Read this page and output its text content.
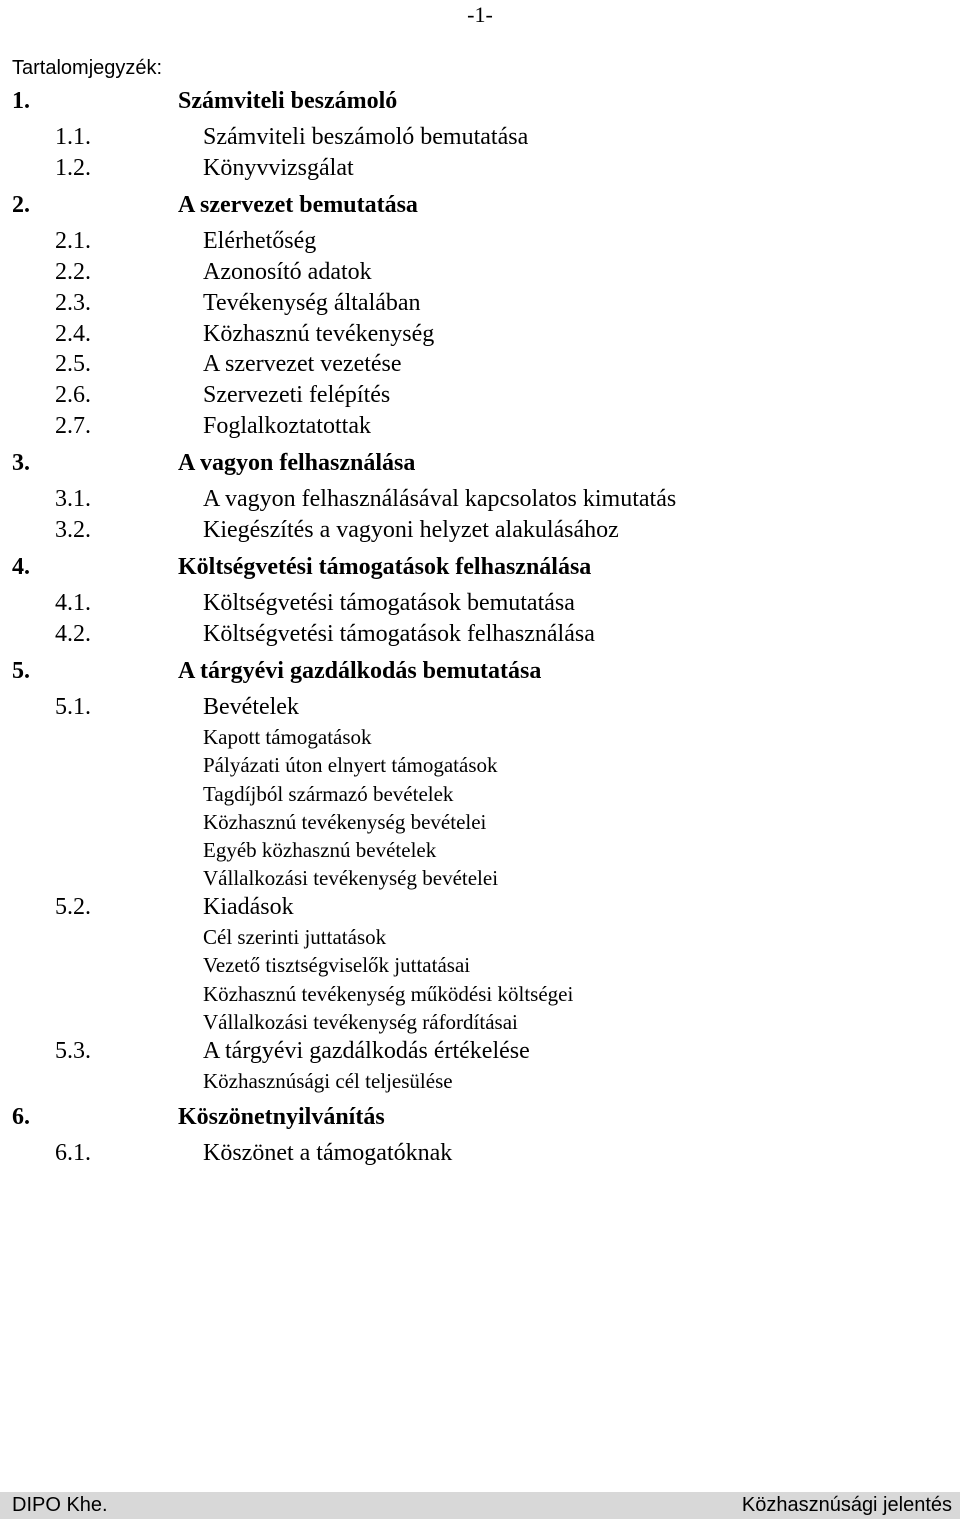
-1-
Tartalomjegyzék:
1.	Számviteli beszámoló
1.1.	Számviteli beszámoló bemutatása
1.2.	Könyvvizsgálat
2.	A szervezet bemutatása
2.1.	Elérhetőség
2.2.	Azonosító adatok
2.3.	Tevékenység általában
2.4.	Közhasznú tevékenység
2.5.	A szervezet vezetése
2.6.	Szervezeti felépítés
2.7.	Foglalkoztatottak
3.	A vagyon felhasználása
3.1.	A vagyon felhasználásával kapcsolatos kimutatás
3.2.	Kiegészítés a vagyoni helyzet alakulásához
4.	Költségvetési támogatások felhasználása
4.1.	Költségvetési támogatások bemutatása
4.2.	Költségvetési támogatások felhasználása
5.	A tárgyévi gazdálkodás bemutatása
5.1.	Bevételek
Kapott támogatások
Pályázati úton elnyert támogatások
Tagdíjból származó bevételek
Közhasznú tevékenység bevételei
Egyéb közhasznú bevételek
Vállalkozási tevékenység bevételei
5.2.	Kiadások
Cél szerinti juttatások
Vezető tisztségviselők juttatásai
Közhasznú tevékenység működési költségei
Vállalkozási tevékenység ráfordításai
5.3.	A tárgyévi gazdálkodás értékelése
Közhasznúsági cél teljesülése
6.	Köszönetnyilvánítás
6.1.	Köszönet a támogatóknak
DIPO Khe.	Közhasznúsági jelentés
